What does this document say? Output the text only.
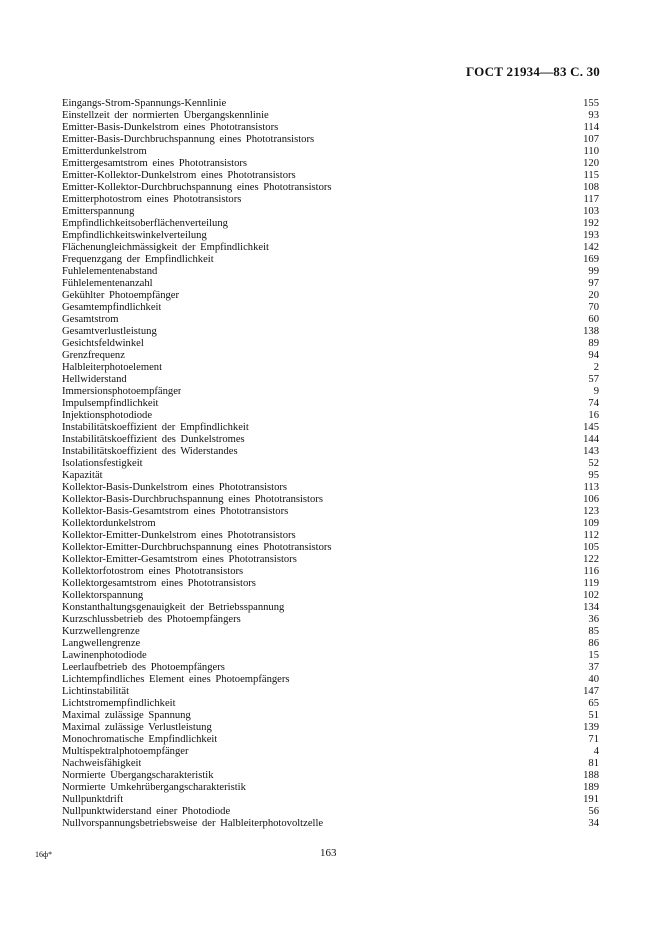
ГОСТ 21934—83 С. 30
Eingangs-Strom-Spannungs-Kennlinie	155
Einstellzeit der normierten Übergangskennlinie	93
Emitter-Basis-Dunkelstrom eines Phototransistors	114
Emitter-Basis-Durchbruchspannung eines Phototransistors	107
Emitterdunkelstrom	110
Emittergesamtstrom eines Phototransistors	120
Emitter-Kollektor-Dunkelstrom eines Phototransistors	115
Emitter-Kollektor-Durchbruchspannung eines Phototransistors	108
Emitterphotostrom eines Phototransistors	117
Emitterspannung	103
Empfindlichkeitsoberflächenverteilung	192
Empfindlichkeitswinkelverteilung	193
Flächenungleichmässigkeit der Empfindlichkeit	142
Frequenzgang der Empfindlichkeit	169
Fuhlelementenabstand	99
Fühlelementenanzahl	97
Gekühlter Photoempfänger	20
Gesamtempfindlichkeit	70
Gesamtstrom	60
Gesamtverlustleistung	138
Gesichtsfeldwinkel	89
Grenzfrequenz	94
Halbleiterphotoelement	2
Hellwiderstand	57
Immersionsphotoempfänger	9
Impulsempfindlichkeit	74
Injektionsphotodiode	16
Instabilitätskoeffizient der Empfindlichkeit	145
Instabilitätskoeffizient des Dunkelstromes	144
Instabilitätskoeffizient des Widerstandes	143
Isolationsfestigkeit	52
Kapazität	95
Kollektor-Basis-Dunkelstrom eines Phototransistors	113
Kollektor-Basis-Durchbruchspannung eines Phototransistors	106
Kollektor-Basis-Gesamtstrom eines Phototransistors	123
Kollektordunkelstrom	109
Kollektor-Emitter-Dunkelstrom eines Phototransistors	112
Kollektor-Emitter-Durchbruchspannung eines Phototransistors	105
Kollektor-Emitter-Gesamtstrom eines Phototransistors	122
Kollektorfotostrom eines Phototransistors	116
Kollektorgesamtstrom eines Phototransistors	119
Kollektorspannung	102
Konstanthaltungsgenauigkeit der Betriebsspannung	134
Kurzschlussbetrieb des Photoempfängers	36
Kurzwellengrenze	85
Langwellengrenze	86
Lawinenphotodiode	15
Leerlaufbetrieb des Photoempfängers	37
Lichtempfindliches Element eines Photoempfängers	40
Lichtinstabilität	147
Lichtstromempfindlichkeit	65
Maximal zulässige Spannung	51
Maximal zulässige Verlustleistung	139
Monochromatische Empfindlichkeit	71
Multispektralphotoempfänger	4
Nachweisfähigkeit	81
Normierte Übergangscharakteristik	188
Normierte Umkehrübergangscharakteristik	189
Nullpunktdrift	191
Nullpunktwiderstand einer Photodiode	56
Nullvorspannungsbetriebsweise der Halbleiterphotovoltzelle	34
16ф*	163
